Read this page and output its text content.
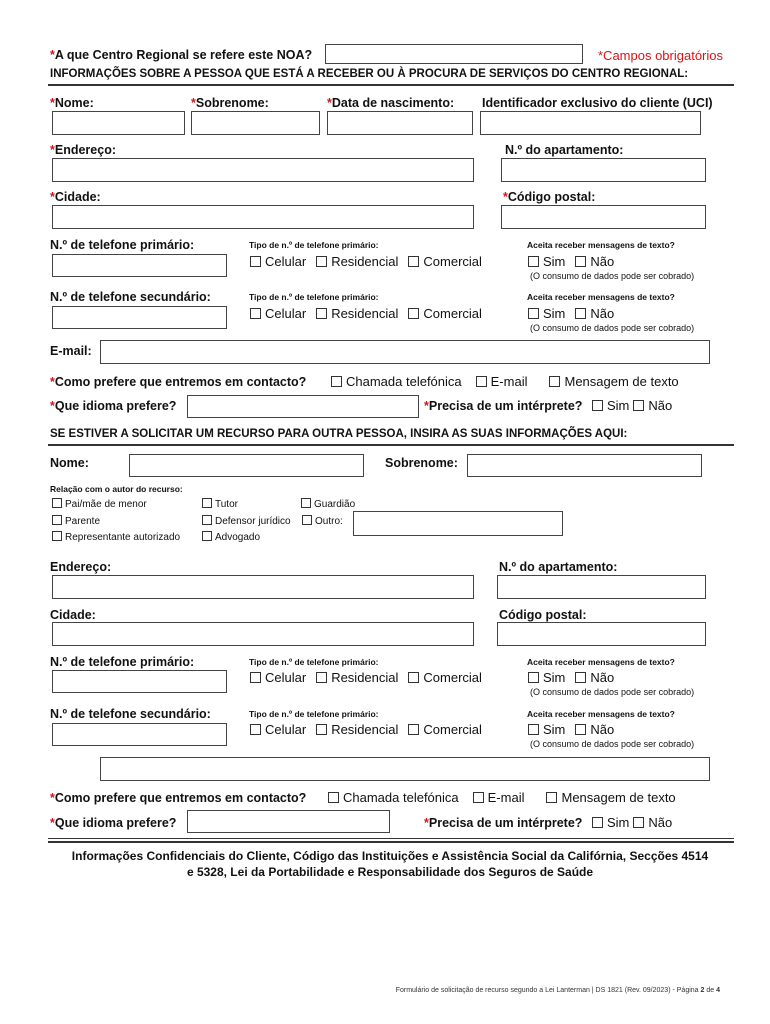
*A que Centro Regional se refere este NOA?	*Campos obrigatórios
INFORMAÇÕES SOBRE A PESSOA QUE ESTÁ A RECEBER OU À PROCURA DE SERVIÇOS DO CENTRO REGIONAL:
*Nome:	*Sobrenome:	*Data de nascimento: Identificador exclusivo do cliente (UCI)
*Endereço:	N.º do apartamento:
*Cidade:	*Código postal:
N.º de telefone primário:	Tipo de n.º de telefone primário:
Celular Residencial Comercial
Aceita receber mensagens de texto?
Sim Não
(O consumo de dados pode ser cobrado)
N.º de telefone secundário:	Tipo de n.º de telefone primário:
Celular Residencial Comercial
Aceita receber mensagens de texto?
Sim Não
(O consumo de dados pode ser cobrado)
E-mail:
*Como prefere que entremos em contacto?	Chamada telefónica E-mail	Mensagem de texto
*Que idioma prefere?	*Precisa de um intérprete?	Sim Não
SE ESTIVER A SOLICITAR UM RECURSO PARA OUTRA PESSOA, INSIRA AS SUAS INFORMAÇÕES AQUI:
Nome:	Sobrenome:
Relação com o autor do recurso:
Pai/mãe de menor	Tutor	Guardião
Parente	Defensor jurídico	Outro:
Representante autorizado	Advogado
Endereço:	N.º do apartamento:
Cidade:	Código postal:
N.º de telefone primário:	Tipo de n.º de telefone primário:
Celular Residencial Comercial
Aceita receber mensagens de texto?
Sim Não
(O consumo de dados pode ser cobrado)
N.º de telefone secundário:	Tipo de n.º de telefone primário:
Celular Residencial Comercial
Aceita receber mensagens de texto?
Sim Não
(O consumo de dados pode ser cobrado)
*Como prefere que entremos em contacto?	Chamada telefónica E-mail	Mensagem de texto
*Que idioma prefere?	*Precisa de um intérprete?	Sim Não
Informações Confidenciais do Cliente, Código das Instituições e Assistência Social da Califórnia, Secções 4514
e 5328, Lei da Portabilidade e Responsabilidade dos Seguros de Saúde
Formulário de solicitação de recurso segundo a Lei Lanterman | DS 1821 (Rev. 09/2023) - Página 2 de 4
